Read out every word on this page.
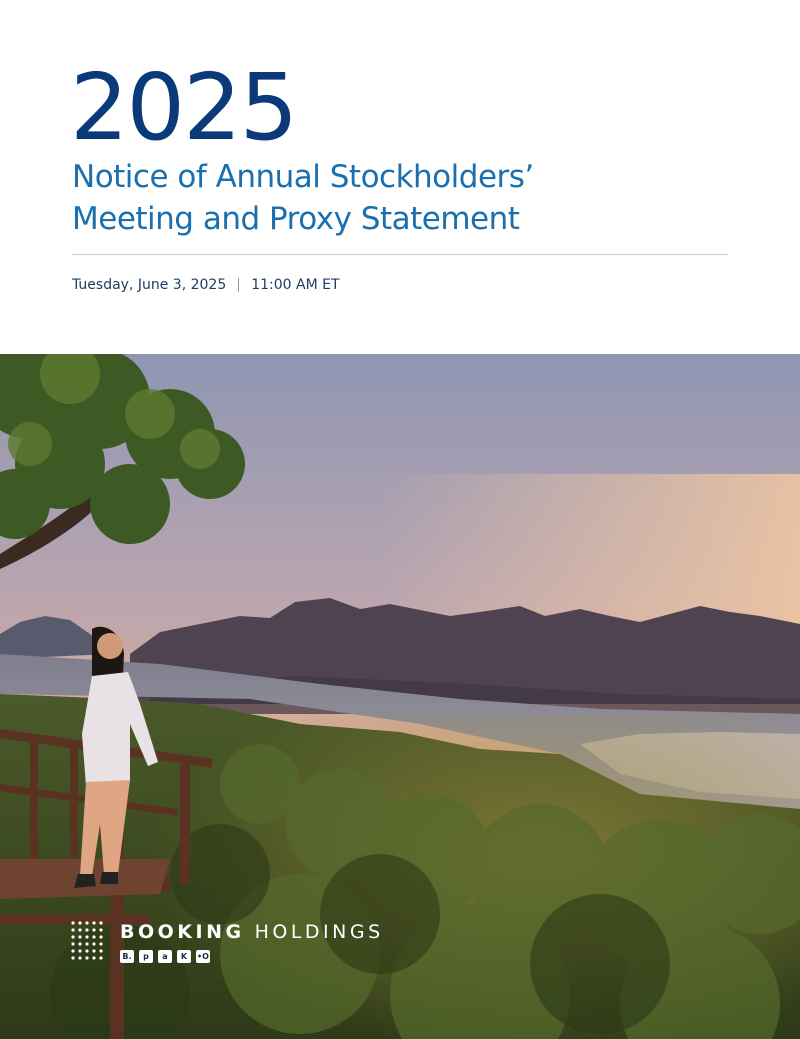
2025
Notice of Annual Stockholders’
Meeting and Proxy Statement
Tuesday, June 3, 2025 11:00 AM ET
BOOKING HOLDINGS
B.	p	a	K	•O
